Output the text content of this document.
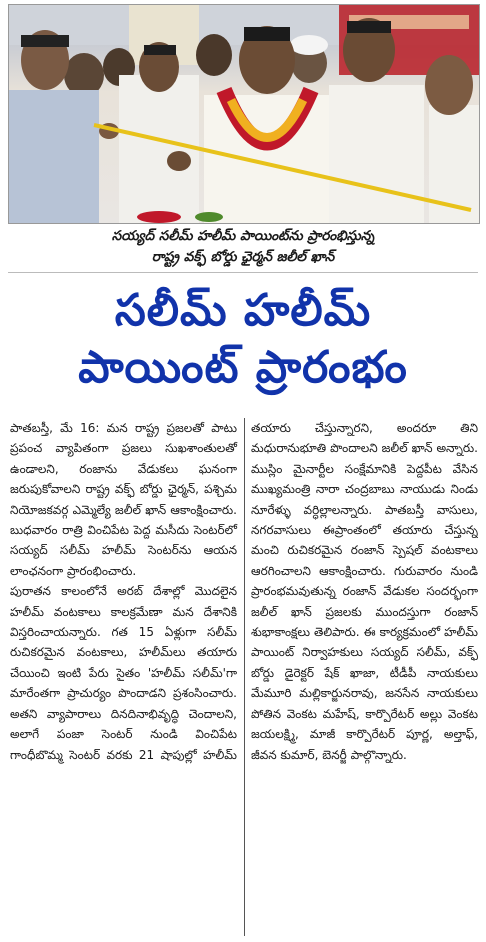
సయ్యద్ సలీమ్ హలీమ్ పాయింట్‌ను ప్రారంభిస్తున్న
రాష్ట్ర వక్ఫ్ బోర్డు ఛైర్మన్ జలీల్ ఖాన్
సలీమ్ హలీమ్
పాయింట్ ప్రారంభం

పాతబస్తీ, మే 16: మన రాష్ట్ర ప్రజలతో పాటు ప్రపంచ వ్యాపితంగా ప్రజలు సుఖశాంతులతో ఉండాలని, రంజాను వేడుకలు ఘనంగా జరుపుకోవాలని రాష్ట్ర వక్ఫ్ బోర్డు ఛైర్మన్, పశ్చిమ నియోజకవర్గ ఎమ్మెల్యే జలీల్ ఖాన్ ఆకాంక్షించారు. బుధవారం రాత్రి వించిపేట పెద్ద మసీదు సెంటర్‌లో సయ్యద్ సలీమ్ హలీమ్ సెంటర్‌ను ఆయన లాంఛనంగా ప్రారంభించారు.

పురాతన కాలంలోనే అరబ్ దేశాల్లో మొదలైన హలీమ్ వంటకాలు కాలక్రమేణా మన దేశానికి విస్తరించాయన్నారు. గత 15 ఏళ్లుగా సలీమ్ రుచికరమైన వంటకాలు, హలీమ్‌లు తయారు చేయించి ఇంటి పేరు సైతం 'హలీమ్ సలీమ్'గా మారేంతగా ప్రాచుర్యం పొందాడని ప్రశంసించారు. అతని వ్యాపారాలు దినదినాభివృద్ధి చెందాలని, అలాగే పంజా సెంటర్ నుండి వించిపేట గాంధీబొమ్మ సెంటర్ వరకు 21 షాపుల్లో హలీమ్ తయారు చేస్తున్నారని, అందరూ తిని మధురానుభూతి పొందాలని జలీల్ ఖాన్ అన్నారు. ముస్లిం మైనార్టీల సంక్షేమానికి పెద్దపీట వేసిన ముఖ్యమంత్రి నారా చంద్రబాబు నాయుడు నిండు నూరేళ్ళు వర్ధిల్లాలన్నారు. పాతబస్తీ వాసులు, నగరవాసులు ఈప్రాంతంలో తయారు చేస్తున్న మంచి రుచికరమైన రంజాన్ స్పెషల్ వంటకాలు ఆరగించాలని ఆకాంక్షించారు. గురువారం నుండి ప్రారంభమవుతున్న రంజాన్ వేడుకల సందర్భంగా జలీల్ ఖాన్ ప్రజలకు ముందస్తుగా రంజాన్ శుభాకాంక్షలు తెలిపారు. ఈ కార్యక్రమంలో హలీమ్ పాయింట్ నిర్వాహకులు సయ్యద్ సలీమ్, వక్ఫ్ బోర్డు డైరెక్టర్ షేక్ ఖాజా, టీడీపీ నాయకులు మేమూరి మల్లికార్జునరావు, జనసేన నాయకులు పోతిన వెంకట మహేష్, కార్పొరేటర్ అల్లు వెంకట జయలక్ష్మి, మాజీ కార్పొరేటర్ పూర్ణ, అల్తాఫ్, జీవన కుమార్, బెనర్జీ పాల్గొన్నారు.
